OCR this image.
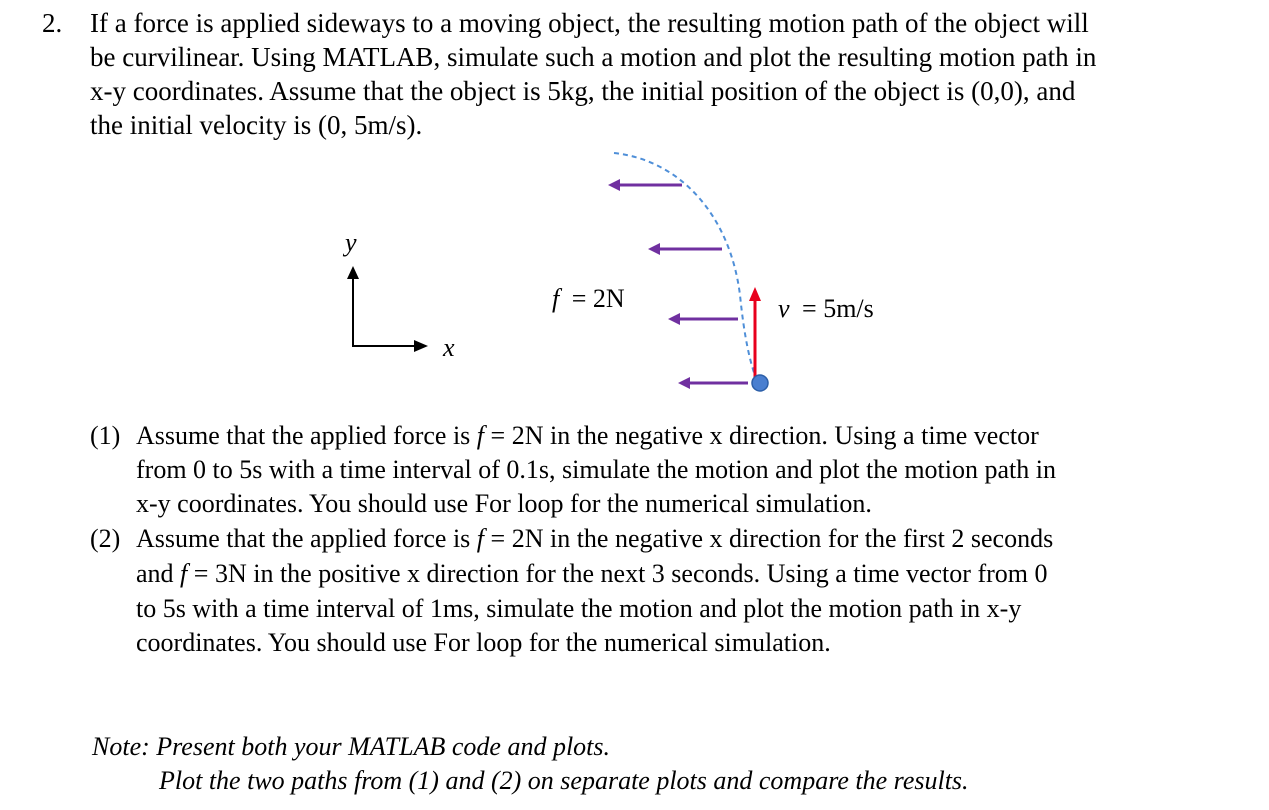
2. If a force is applied sideways to a moving object, the resulting motion path of the object will
be curvilinear. Using MATLAB, simulate such a motion and plot the resulting motion path in
x-y coordinates. Assume that the object is 5kg, the initial position of the object is (0,0), and
the initial velocity is (0, 5m/s).
y
x
f = 2N	v = 5m/s
(1) Assume that the applied force is f = 2N in the negative x direction. Using a time vector
from 0 to 5s with a time interval of 0.1s, simulate the motion and plot the motion path in
x-y coordinates. You should use For loop for the numerical simulation.
(2) Assume that the applied force is f = 2N in the negative x direction for the first 2 seconds
and f = 3N in the positive x direction for the next 3 seconds. Using a time vector from 0
to 5s with a time interval of 1ms, simulate the motion and plot the motion path in x-y
coordinates. You should use For loop for the numerical simulation.
Note: Present both your MATLAB code and plots.
Plot the two paths from (1) and (2) on separate plots and compare the results.
